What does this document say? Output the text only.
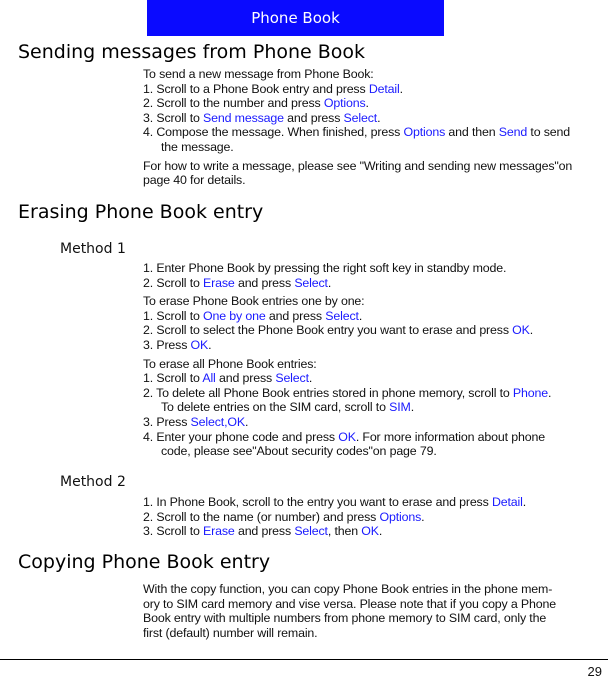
Phone Book
Sending messages from Phone Book
To send a new message from Phone Book:
1. Scroll to a Phone Book entry and press Detail.
2. Scroll to the number and press Options.
3. Scroll to Send message and press Select.
4. Compose the message. When finished, press Options and then Send to send
the message.
For how to write a message, please see "Writing and sending new messages"on
page 40 for details.
Erasing Phone Book entry
Method 1
1. Enter Phone Book by pressing the right soft key in standby mode.
2. Scroll to Erase and press Select.
To erase Phone Book entries one by one:
1. Scroll to One by one and press Select.
2. Scroll to select the Phone Book entry you want to erase and press OK.
3. Press OK.
To erase all Phone Book entries:
1. Scroll to All and press Select.
2. To delete all Phone Book entries stored in phone memory, scroll to Phone.
To delete entries on the SIM card, scroll to SIM.
3. Press Select,OK.
4. Enter your phone code and press OK. For more information about phone
code, please see"About security codes"on page 79.
Method 2
1. In Phone Book, scroll to the entry you want to erase and press Detail.
2. Scroll to the name (or number) and press Options.
3. Scroll to Erase and press Select, then OK.
Copying Phone Book entry
With the copy function, you can copy Phone Book entries in the phone mem-
ory to SIM card memory and vise versa. Please note that if you copy a Phone
Book entry with multiple numbers from phone memory to SIM card, only the
first (default) number will remain.
29
